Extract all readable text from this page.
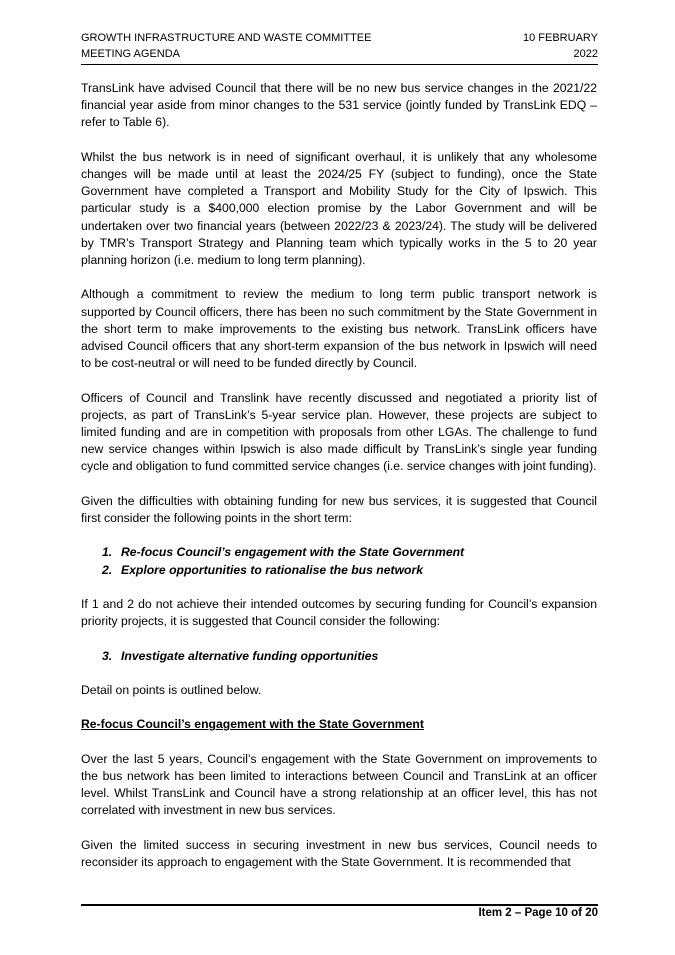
GROWTH INFRASTRUCTURE AND WASTE COMMITTEE
MEETING AGENDA
10 FEBRUARY
2022

TransLink have advised Council that there will be no new bus service changes in the 2021/22 financial year aside from minor changes to the 531 service (jointly funded by TransLink EDQ – refer to Table 6).

Whilst the bus network is in need of significant overhaul, it is unlikely that any wholesome changes will be made until at least the 2024/25 FY (subject to funding), once the State Government have completed a Transport and Mobility Study for the City of Ipswich. This particular study is a $400,000 election promise by the Labor Government and will be undertaken over two financial years (between 2022/23 & 2023/24). The study will be delivered by TMR’s Transport Strategy and Planning team which typically works in the 5 to 20 year planning horizon (i.e. medium to long term planning).

Although a commitment to review the medium to long term public transport network is supported by Council officers, there has been no such commitment by the State Government in the short term to make improvements to the existing bus network. TransLink officers have advised Council officers that any short-term expansion of the bus network in Ipswich will need to be cost-neutral or will need to be funded directly by Council.

Officers of Council and Translink have recently discussed and negotiated a priority list of projects, as part of TransLink’s 5-year service plan. However, these projects are subject to limited funding and are in competition with proposals from other LGAs. The challenge to fund new service changes within Ipswich is also made difficult by TransLink’s single year funding cycle and obligation to fund committed service changes (i.e. service changes with joint funding).

Given the difficulties with obtaining funding for new bus services, it is suggested that Council first consider the following points in the short term:

1. Re-focus Council’s engagement with the State Government
2. Explore opportunities to rationalise the bus network

If 1 and 2 do not achieve their intended outcomes by securing funding for Council’s expansion priority projects, it is suggested that Council consider the following:

3. Investigate alternative funding opportunities

Detail on points is outlined below.

Re-focus Council’s engagement with the State Government

Over the last 5 years, Council’s engagement with the State Government on improvements to the bus network has been limited to interactions between Council and TransLink at an officer level. Whilst TransLink and Council have a strong relationship at an officer level, this has not correlated with investment in new bus services.

Given the limited success in securing investment in new bus services, Council needs to reconsider its approach to engagement with the State Government. It is recommended that

Item 2 – Page 10 of 20
